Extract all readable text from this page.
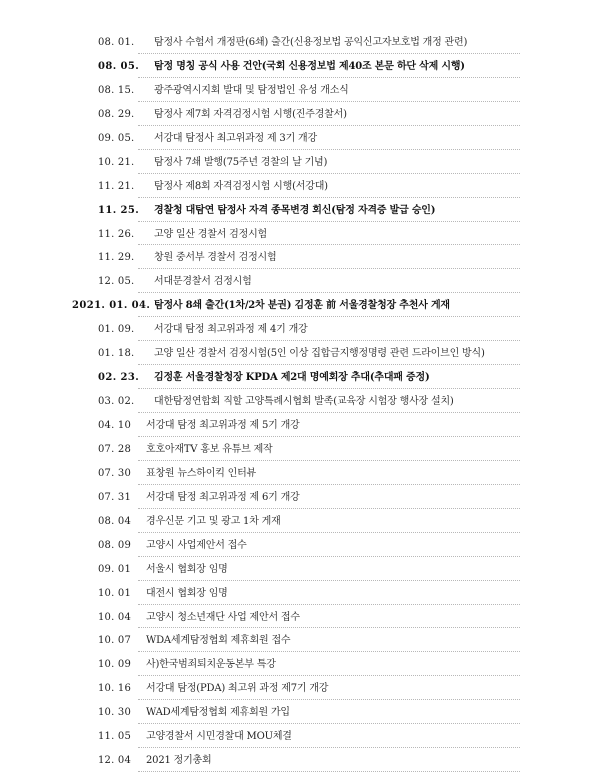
08. 01. 탐정사 수험서 개정판(6쇄) 출간(신용정보법 공익신고자보호법 개정 관련)
08. 05. 탐정 명칭 공식 사용 건안(국회 신용정보법 제40조 본문 하단 삭제 시행)
08. 15. 광주광역시지회 발대 및 탐정법인 유성 개소식
08. 29. 탐정사 제7회 자격검정시험 시행(진주경찰서)
09. 05. 서강대 탐정사 최고위과정 제 3기 개강
10. 21. 탐정사 7쇄 발행(75주년 경찰의 날 기념)
11. 21. 탐정사 제8회 자격검정시험 시행(서강대)
11. 25. 경찰청 대탐연 탐정사 자격 종목변경 회신(탐정 자격증 발급 승인)
11. 26. 고양 일산 경찰서 검정시험
11. 29. 창원 중서부 경찰서 검정시험
12. 05. 서대문경찰서 검정시험
2021. 01. 04. 탐정사 8쇄 출간(1차/2차 분권) 김정훈 前 서울경찰청장 추천사 게재
01. 09. 서강대 탐정 최고위과정 제 4기 개강
01. 18. 고양 일산 경찰서 검정시험(5인 이상 집합금지행정명령 관련 드라이브인 방식)
02. 23. 김정훈 서울경찰청장 KPDA 제2대 명예회장 추대(추대패 증정)
03. 02. 대한탐정연합회 직할 고양특례시협회 발족(교육장 시험장 행사장 설치)
04. 10 서강대 탐정 최고위과정 제 5기 개강
07. 28 호호아재TV 홍보 유튜브 제작
07. 30 표창원 뉴스하이킥 인터뷰
07. 31 서강대 탐정 최고위과정 제 6기 개강
08. 04 경우신문 기고 및 광고 1차 게재
08. 09 고양시 사업제안서 접수
09. 01 서울시 협회장 임명
10. 01 대전시 협회장 임명
10. 04 고양시 청소년재단 사업 제안서 접수
10. 07 WDA세계탐정협회 제휴회원 접수
10. 09 사)한국범죄퇴치운동본부 특강
10. 16 서강대 탐정(PDA) 최고위 과정 제7기 개강
10. 30 WAD세계탐정협회 제휴회원 가입
11. 05 고양경찰서 시민경찰대 MOU체결
12. 04 2021 정기총회
